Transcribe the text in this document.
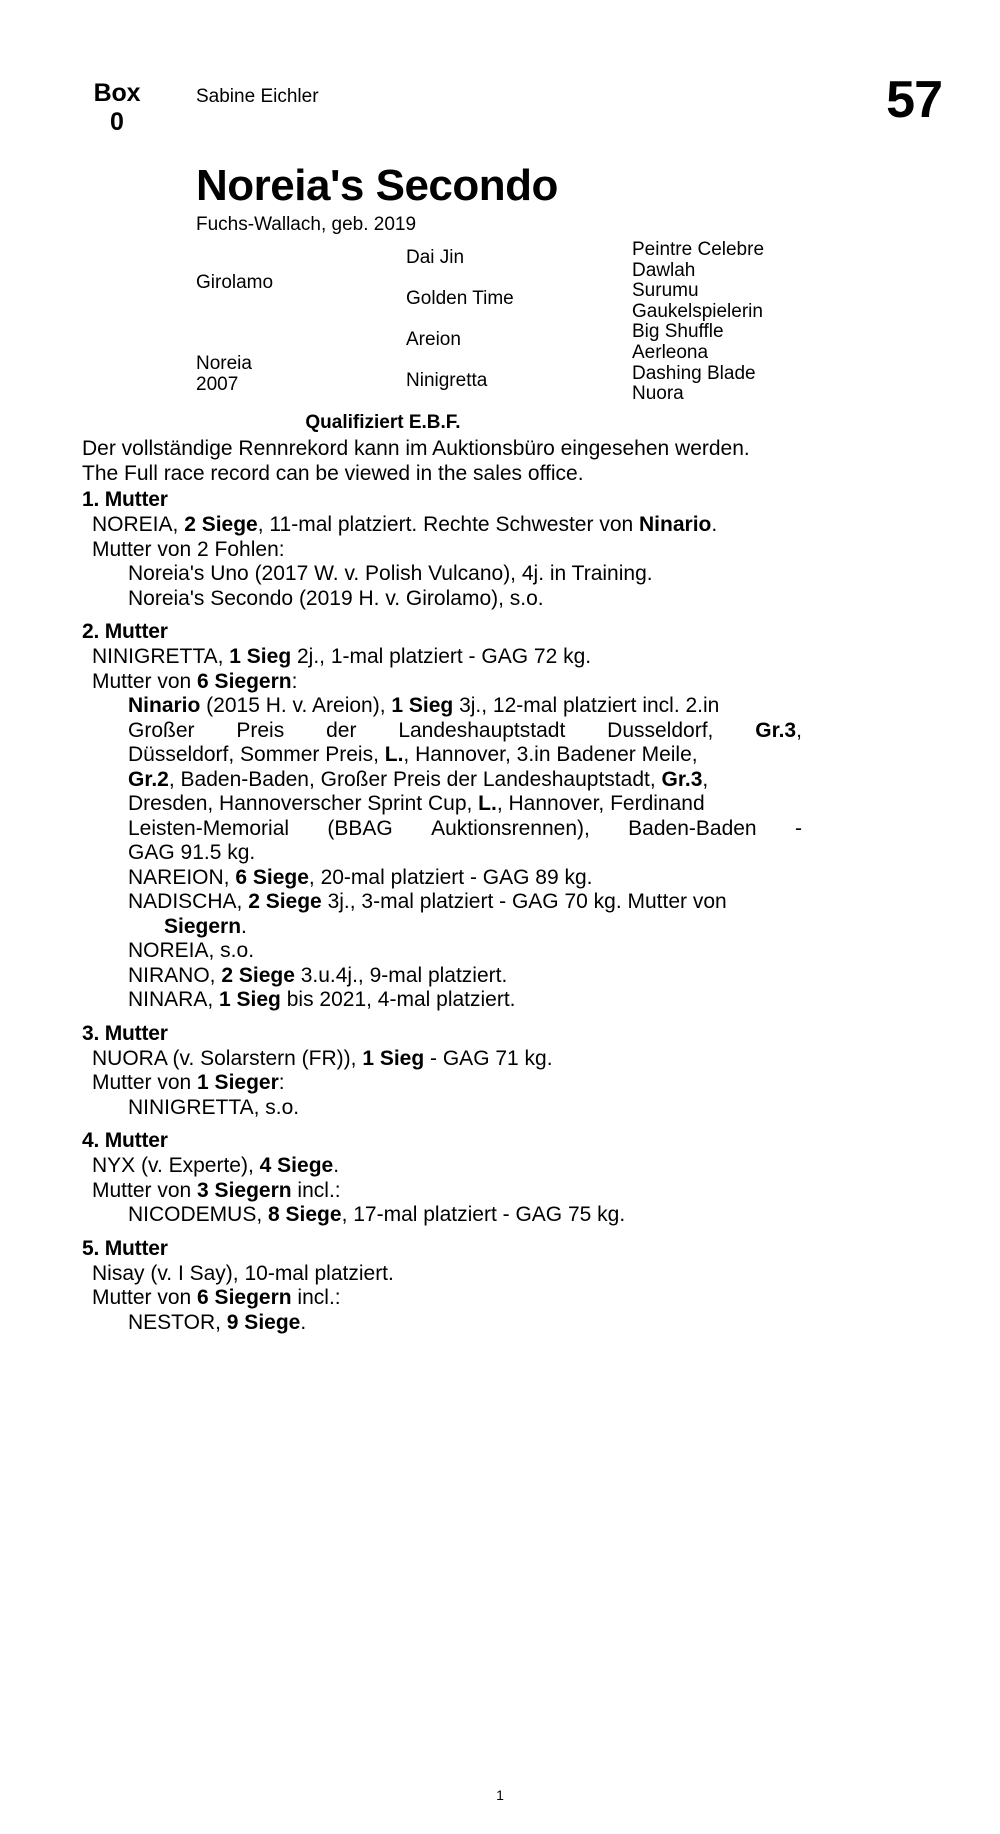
Box
0
Sabine Eichler	57
Noreia's Secondo
Fuchs-Wallach, geb. 2019
Girolamo
Noreia
2007
Dai Jin
Golden Time
Areion
Ninigretta
Peintre Celebre
Dawlah
Surumu
Gaukelspielerin
Big Shuffle
Aerleona
Dashing Blade
Nuora
Qualifiziert E.B.F.
Der vollständige Rennrekord kann im Auktionsbüro eingesehen werden.
The Full race record can be viewed in the sales office.
1. Mutter
NOREIA, 2 Siege, 11-mal platziert. Rechte Schwester von Ninario.
Mutter von 2 Fohlen:
Noreia's Uno (2017 W. v. Polish Vulcano), 4j. in Training.
Noreia's Secondo (2019 H. v. Girolamo), s.o.
2. Mutter
NINIGRETTA, 1 Sieg 2j., 1-mal platziert - GAG 72 kg.
Mutter von 6 Siegern:
Ninario (2015 H. v. Areion), 1 Sieg 3j., 12-mal platziert incl. 2.in
Großer Preis der Landeshauptstadt Dusseldorf, Gr.3,
Düsseldorf, Sommer Preis, L., Hannover, 3.in Badener Meile,
Gr.2, Baden-Baden, Großer Preis der Landeshauptstadt, Gr.3,
Dresden, Hannoverscher Sprint Cup, L., Hannover, Ferdinand
Leisten-Memorial (BBAG Auktionsrennen), Baden-Baden -
GAG 91.5 kg.
NAREION, 6 Siege, 20-mal platziert - GAG 89 kg.
NADISCHA, 2 Siege 3j., 3-mal platziert - GAG 70 kg. Mutter von
Siegern.
NOREIA, s.o.
NIRANO, 2 Siege 3.u.4j., 9-mal platziert.
NINARA, 1 Sieg bis 2021, 4-mal platziert.
3. Mutter
NUORA (v. Solarstern (FR)), 1 Sieg - GAG 71 kg.
Mutter von 1 Sieger:
NINIGRETTA, s.o.
4. Mutter
NYX (v. Experte), 4 Siege.
Mutter von 3 Siegern incl.:
NICODEMUS, 8 Siege, 17-mal platziert - GAG 75 kg.
5. Mutter
Nisay (v. I Say), 10-mal platziert.
Mutter von 6 Siegern incl.:
NESTOR, 9 Siege.
1
